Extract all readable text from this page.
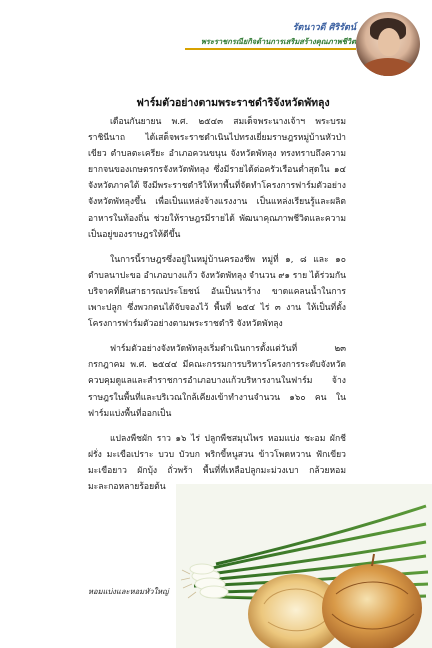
รัตนาวดี ศิริรัตน์
พระราชกรณียกิจด้านการเสริมสร้างคุณภาพชีวิต
ฟาร์มตัวอย่างตามพระราชดำริจังหวัดพัทลุง

เดือนกันยายน พ.ศ. ๒๕๔๓ สมเด็จพระนางเจ้าฯ พระบรมราชินีนาถ ได้เสด็จพระราชดำเนินไปทรงเยี่ยมราษฎรหมู่บ้านหัวป่าเขียว ตำบลตะเครียะ อำเภอควนขนุน จังหวัดพัทลุง ทรงทราบถึงความยากจนของเกษตรกรจังหวัดพัทลุง ซึ่งมีรายได้ต่อครัวเรือนต่ำสุดใน ๑๔ จังหวัดภาคใต้ จึงมีพระราชดำริให้หาพื้นที่จัดทำโครงการฟาร์มตัวอย่างจังหวัดพัทลุงขึ้น เพื่อเป็นแหล่งจ้างแรงงาน เป็นแหล่งเรียนรู้และผลิตอาหารในท้องถิ่น ช่วยให้ราษฎรมีรายได้ พัฒนาคุณภาพชีวิตและความเป็นอยู่ของราษฎรให้ดีขึ้น

ในการนี้ราษฎรซึ่งอยู่ในหมู่บ้านครองชีพ หมู่ที่ ๑, ๘ และ ๑๐ ตำบลนาปะขอ อำเภอบางแก้ว จังหวัดพัทลุง จำนวน ๙๑ ราย ได้ร่วมกันบริจาคที่ดินสาธารณประโยชน์ อันเป็นนาร้าง ขาดแคลนน้ำในการเพาะปลูก ซึ่งพวกตนได้จับจองไว้ พื้นที่ ๒๕๔ ไร่ ๓ งาน ให้เป็นที่ตั้งโครงการฟาร์มตัวอย่างตามพระราชดำริ จังหวัดพัทลุง

ฟาร์มตัวอย่างจังหวัดพัทลุงเริ่มดำเนินการตั้งแต่วันที่ ๒๓ กรกฎาคม พ.ศ. ๒๕๔๔ มีคณะกรรมการบริหารโครงการระดับจังหวัดควบคุมดูแลและสำราชการอำเภอบางแก้วบริหารงานในฟาร์ม จ้างราษฎรในพื้นที่และบริเวณใกล้เคียงเข้าทำงานจำนวน ๑๖๐ คน ในฟาร์มแบ่งพื้นที่ออกเป็น

แปลงพืชผัก ราว ๑๖ ไร่ ปลูกพืชสมุนไพร หอมแบ่ง ชะอม ผักชีฝรั่ง มะเขือเปราะ บวบ บัวบก พริกขี้หนูสวน ข้าวโพดหวาน ฟักเขียว มะเขือยาว ผักบุ้ง ถั่วพร้า พื้นที่ที่เหลือปลูกมะม่วงเบา กล้วยหอม มะละกอหลายร้อยต้น

หอมแบ่งและหอมหัวใหญ่
